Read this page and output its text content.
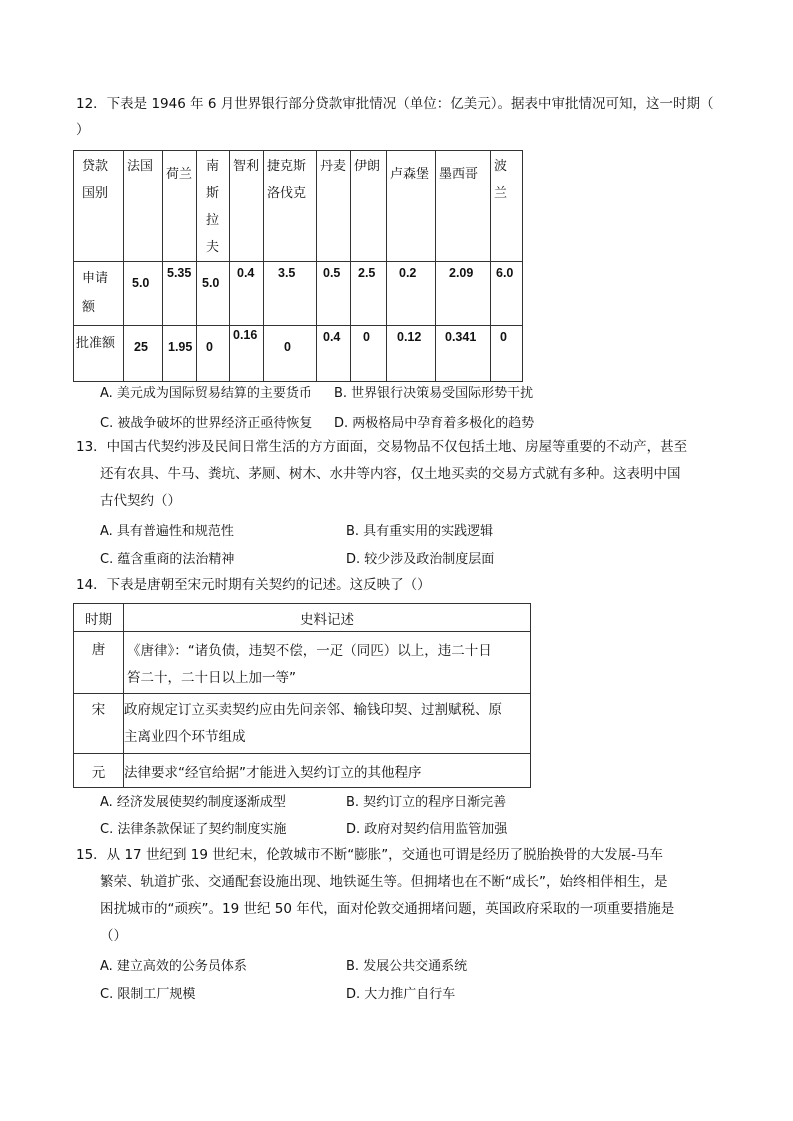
12．下表是 1946 年 6 月世界银行部分贷款审批情况（单位：亿美元）。据表中审批情况可知，这一时期（
）
贷款国别	法国	荷兰	南斯拉夫	智利	捷克斯洛伐克	丹麦	伊朗	卢森堡	墨西哥	波兰

申请额	5.0	5.35	5.0	0.4	3.5	0.5	2.5	0.2	2.09	6.0

批准额	25	1.95	0	0.16	0	0.4	0	0.12	0.341	0
A. 美元成为国际贸易结算的主要货币 B. 世界银行决策易受国际形势干扰
C. 被战争破坏的世界经济正亟待恢复 D. 两极格局中孕育着多极化的趋势
13．中国古代契约涉及民间日常生活的方方面面，交易物品不仅包括土地、房屋等重要的不动产，甚至
还有农具、牛马、粪坑、茅厕、树木、水井等内容，仅土地买卖的交易方式就有多种。这表明中国
古代契约（）
A. 具有普遍性和规范性	B. 具有重实用的实践逻辑
C. 蕴含重商的法治精神	D. 较少涉及政治制度层面
14．下表是唐朝至宋元时期有关契约的记述。这反映了（）
时期	史料记述

唐	《唐律》：“诸负债，违契不偿，一疋（同匹）以上，违二十日
笞二十，二十日以上加一等”

宋	政府规定订立买卖契约应由先问亲邻、输钱印契、过割赋税、原
主离业四个环节组成

元	法律要求“经官给据”才能进入契约订立的其他程序
A. 经济发展使契约制度逐渐成型	B. 契约订立的程序日渐完善
C. 法律条款保证了契约制度实施	D. 政府对契约信用监管加强
15．从 17 世纪到 19 世纪末，伦敦城市不断“膨胀”，交通也可谓是经历了脱胎换骨的大发展-马车
繁荣、轨道扩张、交通配套设施出现、地铁诞生等。但拥堵也在不断“成长”，始终相伴相生，是
困扰城市的“顽疾”。19 世纪 50 年代，面对伦敦交通拥堵问题，英国政府采取的一项重要措施是
（）
A. 建立高效的公务员体系	B. 发展公共交通系统
C. 限制工厂规模	D. 大力推广自行车
